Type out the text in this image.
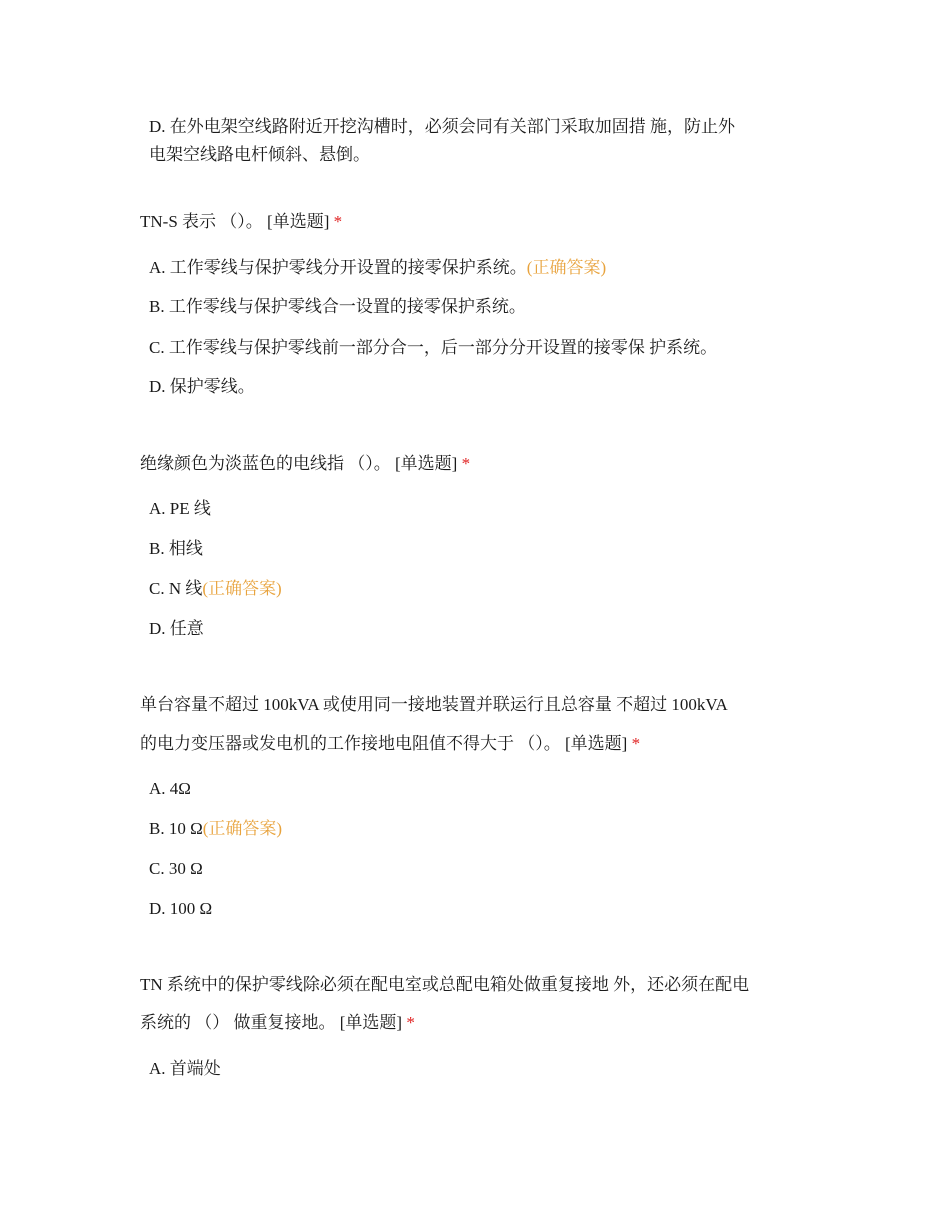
D. 在外电架空线路附近开挖沟槽时，必须会同有关部门采取加固措 施，防止外
电架空线路电杆倾斜、悬倒。
TN-S 表示 （）。 [单选题] *
A. 工作零线与保护零线分开设置的接零保护系统。(正确答案)
B. 工作零线与保护零线合一设置的接零保护系统。
C. 工作零线与保护零线前一部分合一，后一部分分开设置的接零保 护系统。
D. 保护零线。
绝缘颜色为淡蓝色的电线指 （）。 [单选题] *
A. PE 线
B. 相线
C. N 线(正确答案)
D. 任意
单台容量不超过 100kVA 或使用同一接地装置并联运行且总容量 不超过 100kVA
的电力变压器或发电机的工作接地电阻值不得大于 （）。 [单选题] *
A. 4Ω
B. 10 Ω(正确答案)
C. 30 Ω
D. 100 Ω
TN 系统中的保护零线除必须在配电室或总配电箱处做重复接地 外，还必须在配电
系统的 （） 做重复接地。 [单选题] *
A. 首端处
